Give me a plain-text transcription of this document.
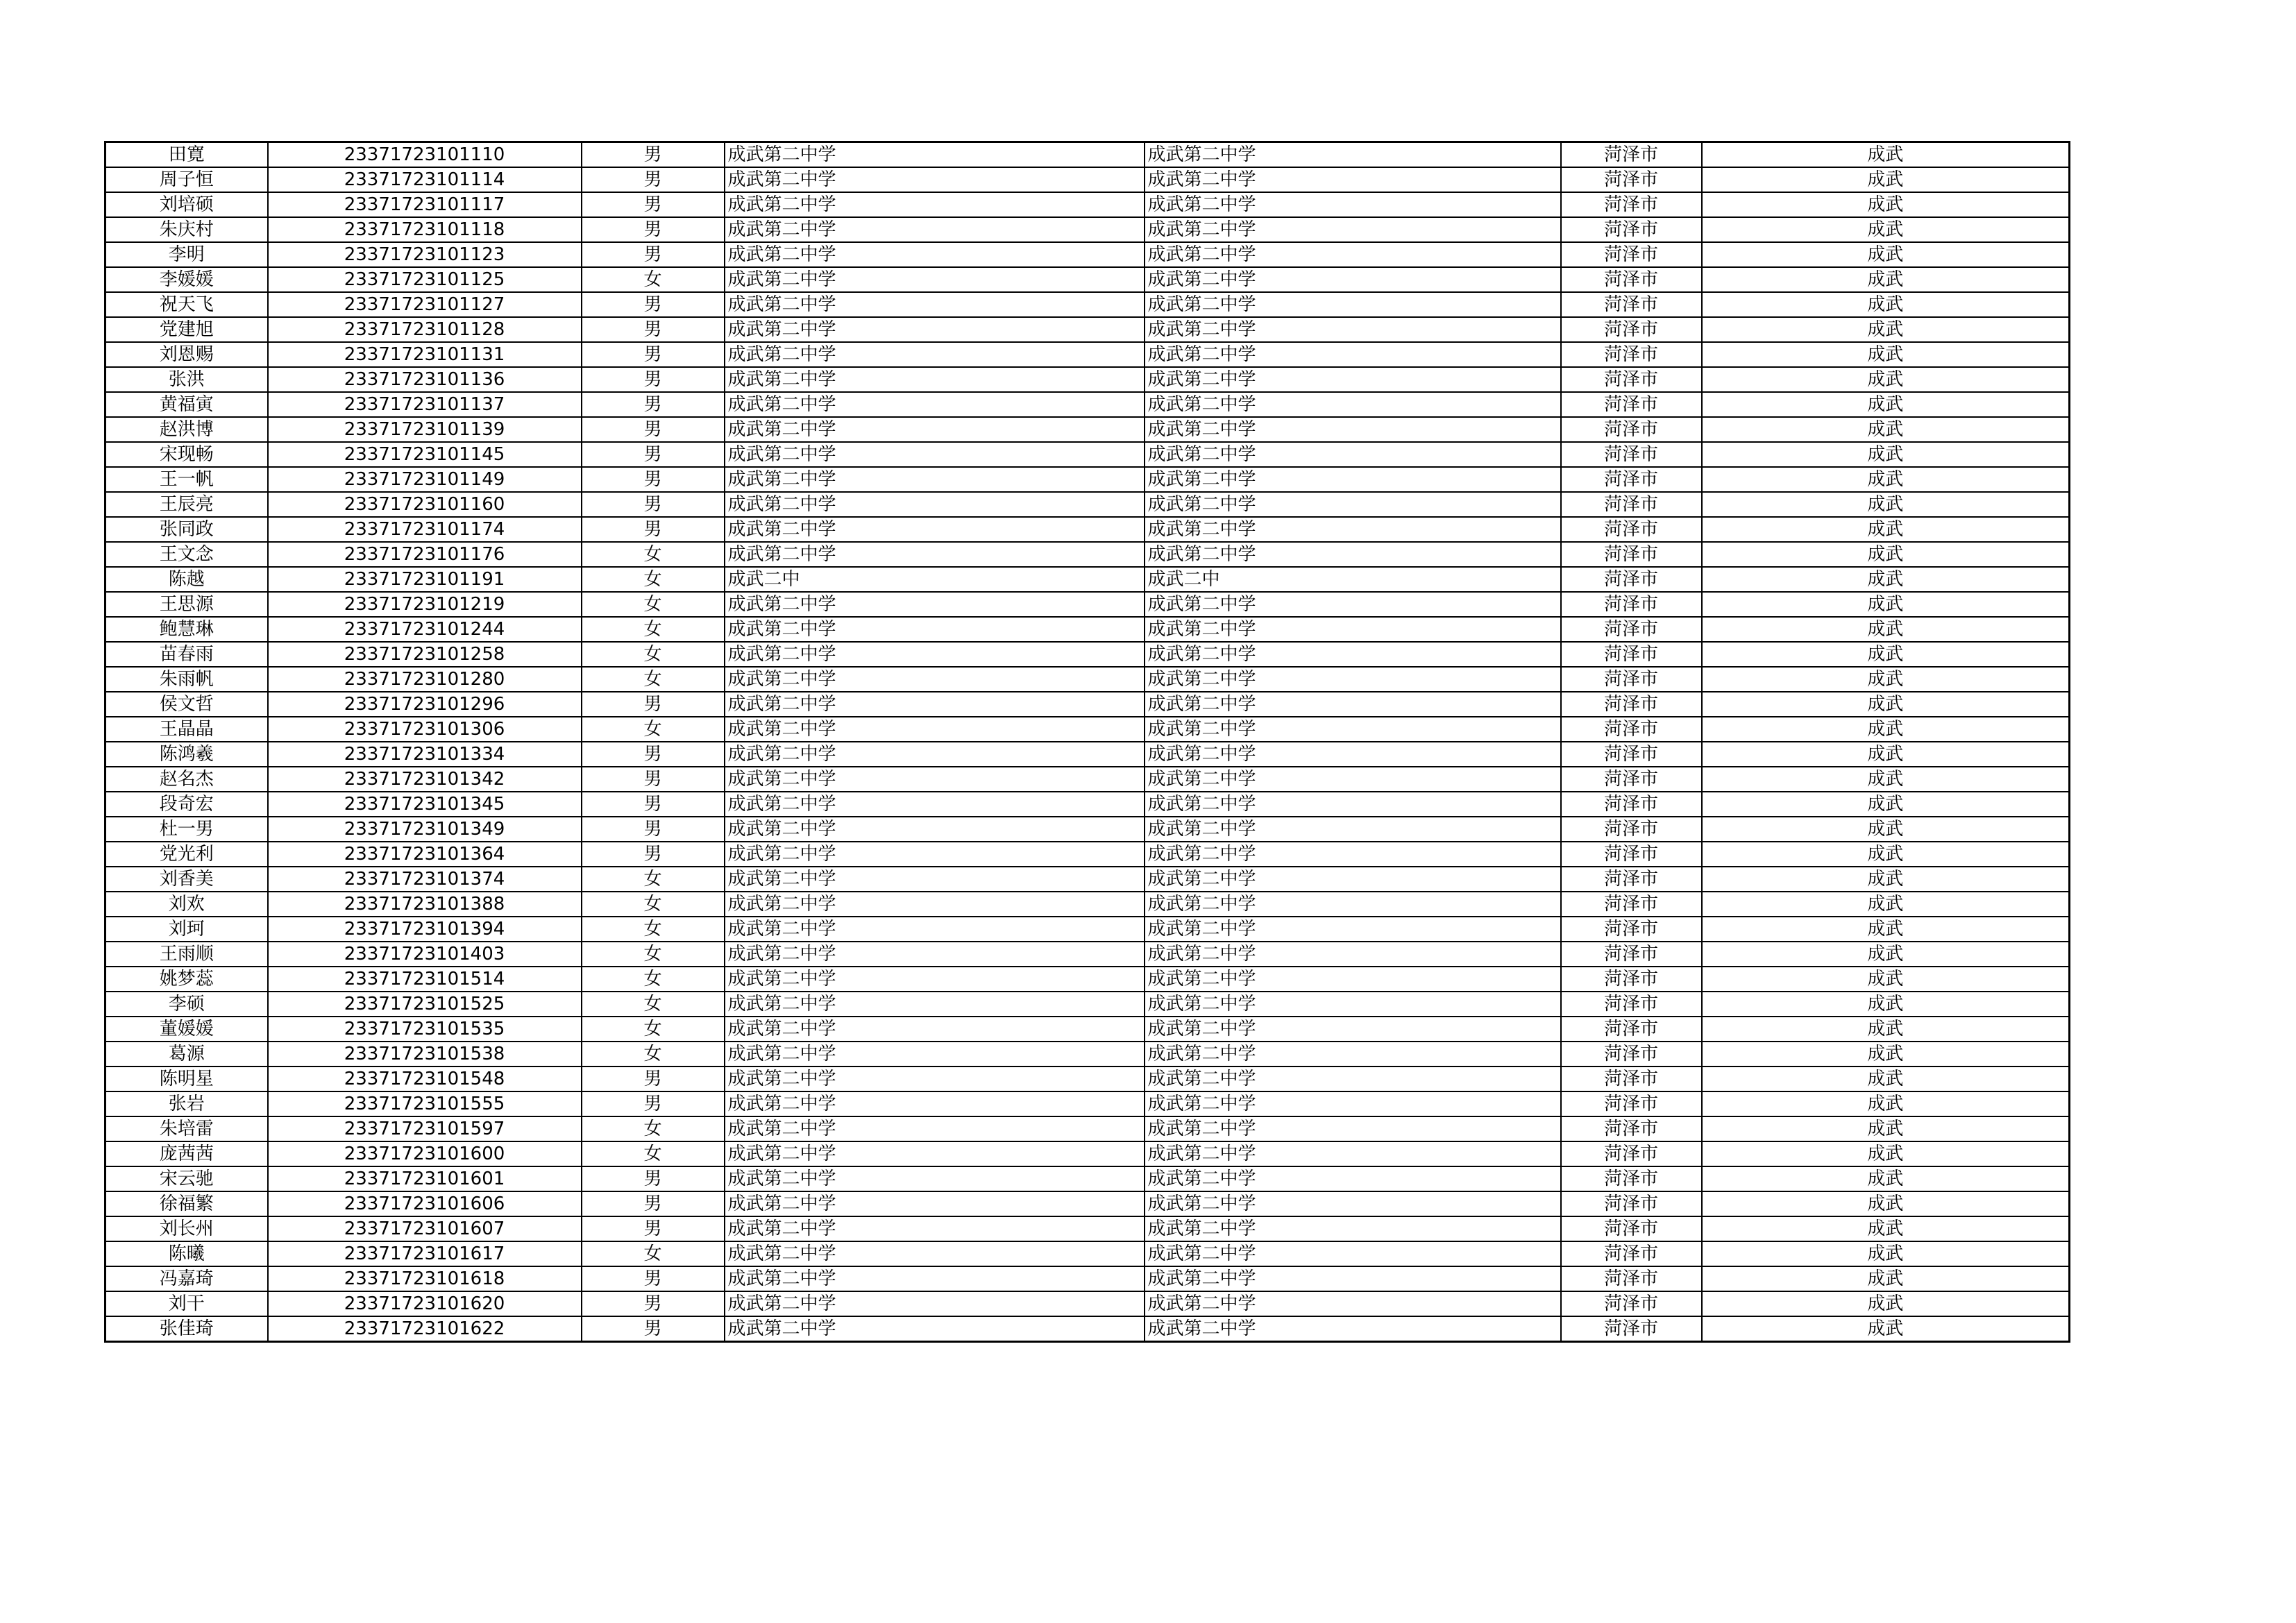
田寛	23371723101110	男	成武第二中学	成武第二中学	菏泽市	成武
周子恒	23371723101114	男	成武第二中学	成武第二中学	菏泽市	成武
刘培硕	23371723101117	男	成武第二中学	成武第二中学	菏泽市	成武
朱庆村	23371723101118	男	成武第二中学	成武第二中学	菏泽市	成武
李明	23371723101123	男	成武第二中学	成武第二中学	菏泽市	成武
李媛媛	23371723101125	女	成武第二中学	成武第二中学	菏泽市	成武
祝天飞	23371723101127	男	成武第二中学	成武第二中学	菏泽市	成武
党建旭	23371723101128	男	成武第二中学	成武第二中学	菏泽市	成武
刘恩赐	23371723101131	男	成武第二中学	成武第二中学	菏泽市	成武
张洪	23371723101136	男	成武第二中学	成武第二中学	菏泽市	成武
黄福寅	23371723101137	男	成武第二中学	成武第二中学	菏泽市	成武
赵洪博	23371723101139	男	成武第二中学	成武第二中学	菏泽市	成武
宋现畅	23371723101145	男	成武第二中学	成武第二中学	菏泽市	成武
王一帆	23371723101149	男	成武第二中学	成武第二中学	菏泽市	成武
王辰亮	23371723101160	男	成武第二中学	成武第二中学	菏泽市	成武
张同政	23371723101174	男	成武第二中学	成武第二中学	菏泽市	成武
王文念	23371723101176	女	成武第二中学	成武第二中学	菏泽市	成武
陈越	23371723101191	女	成武二中	成武二中	菏泽市	成武
王思源	23371723101219	女	成武第二中学	成武第二中学	菏泽市	成武
鲍慧琳	23371723101244	女	成武第二中学	成武第二中学	菏泽市	成武
苗春雨	23371723101258	女	成武第二中学	成武第二中学	菏泽市	成武
朱雨帆	23371723101280	女	成武第二中学	成武第二中学	菏泽市	成武
侯文哲	23371723101296	男	成武第二中学	成武第二中学	菏泽市	成武
王晶晶	23371723101306	女	成武第二中学	成武第二中学	菏泽市	成武
陈鸿羲	23371723101334	男	成武第二中学	成武第二中学	菏泽市	成武
赵名杰	23371723101342	男	成武第二中学	成武第二中学	菏泽市	成武
段奇宏	23371723101345	男	成武第二中学	成武第二中学	菏泽市	成武
杜一男	23371723101349	男	成武第二中学	成武第二中学	菏泽市	成武
党光利	23371723101364	男	成武第二中学	成武第二中学	菏泽市	成武
刘香美	23371723101374	女	成武第二中学	成武第二中学	菏泽市	成武
刘欢	23371723101388	女	成武第二中学	成武第二中学	菏泽市	成武
刘珂	23371723101394	女	成武第二中学	成武第二中学	菏泽市	成武
王雨顺	23371723101403	女	成武第二中学	成武第二中学	菏泽市	成武
姚梦蕊	23371723101514	女	成武第二中学	成武第二中学	菏泽市	成武
李硕	23371723101525	女	成武第二中学	成武第二中学	菏泽市	成武
董媛媛	23371723101535	女	成武第二中学	成武第二中学	菏泽市	成武
葛源	23371723101538	女	成武第二中学	成武第二中学	菏泽市	成武
陈明星	23371723101548	男	成武第二中学	成武第二中学	菏泽市	成武
张岩	23371723101555	男	成武第二中学	成武第二中学	菏泽市	成武
朱培雷	23371723101597	女	成武第二中学	成武第二中学	菏泽市	成武
庞茜茜	23371723101600	女	成武第二中学	成武第二中学	菏泽市	成武
宋云驰	23371723101601	男	成武第二中学	成武第二中学	菏泽市	成武
徐福繁	23371723101606	男	成武第二中学	成武第二中学	菏泽市	成武
刘长州	23371723101607	男	成武第二中学	成武第二中学	菏泽市	成武
陈曦	23371723101617	女	成武第二中学	成武第二中学	菏泽市	成武
冯嘉琦	23371723101618	男	成武第二中学	成武第二中学	菏泽市	成武
刘干	23371723101620	男	成武第二中学	成武第二中学	菏泽市	成武
张佳琦	23371723101622	男	成武第二中学	成武第二中学	菏泽市	成武
